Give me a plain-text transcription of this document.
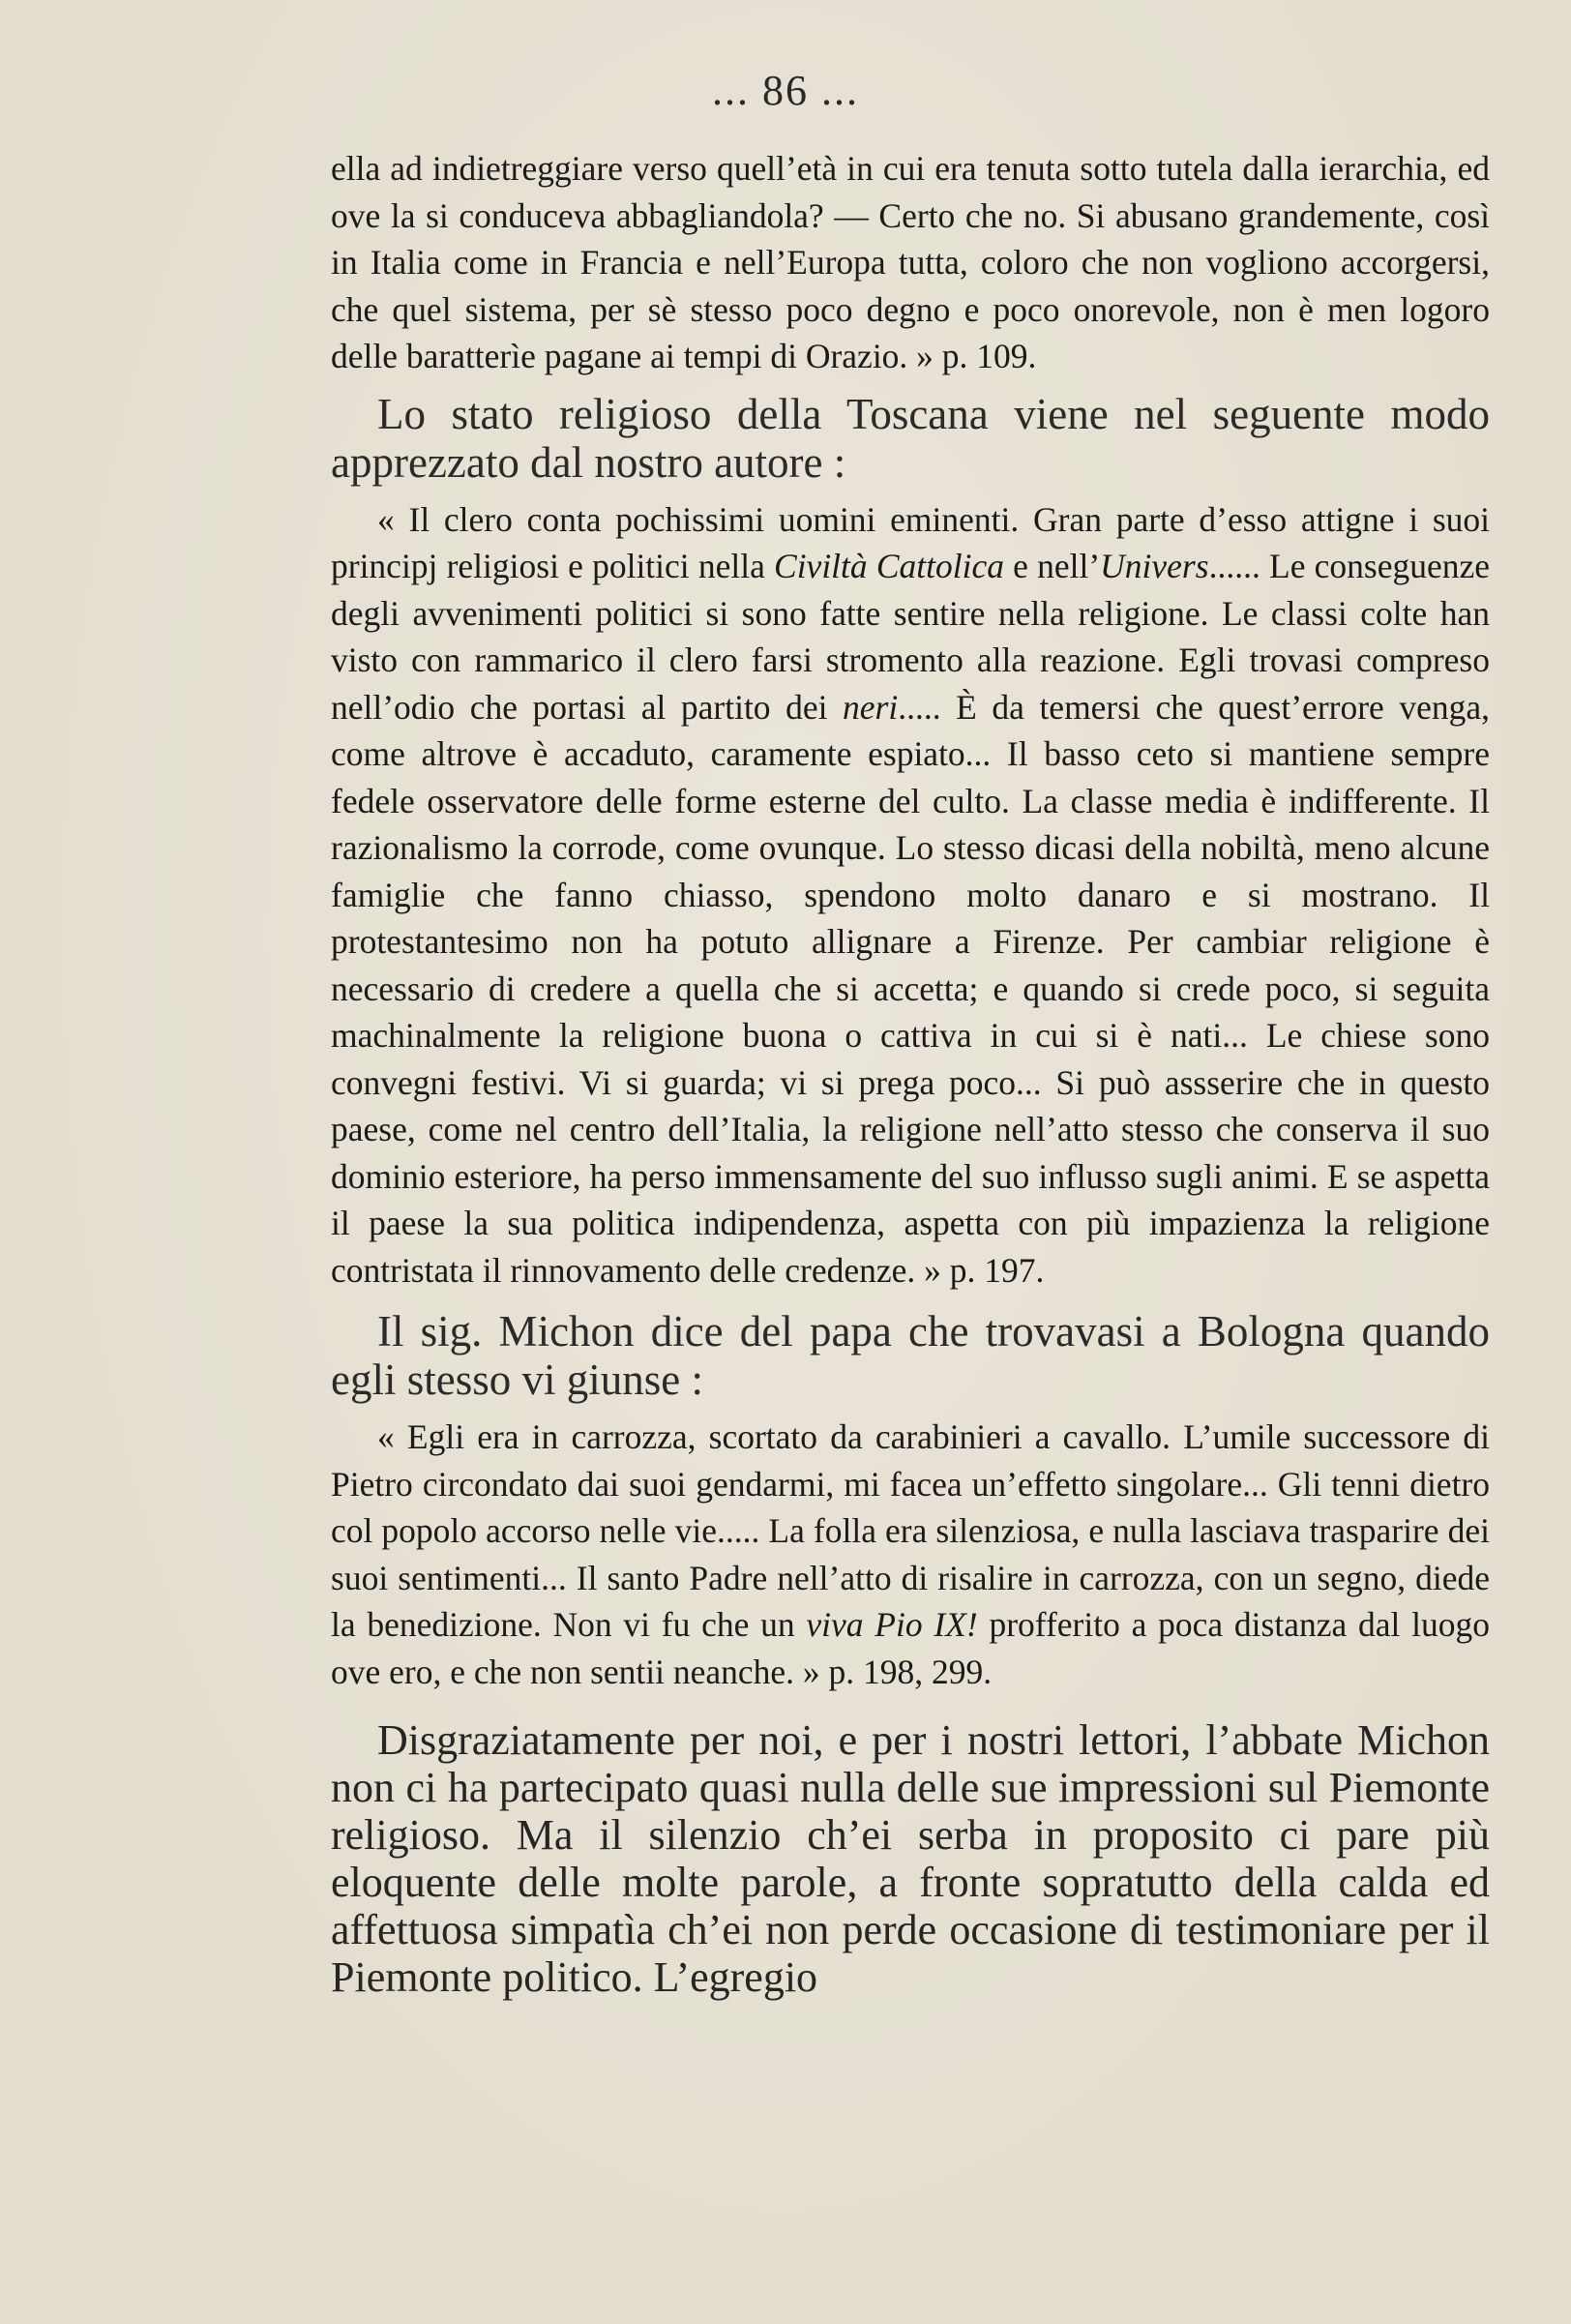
... 86 ...

ella ad indietreggiare verso quell’età in cui era tenuta sotto tutela dalla ierarchia, ed ove la si conduceva abbagliandola? — Certo che no. Si abusano grandemente, così in Italia come in Francia e nell’Europa tutta, coloro che non vogliono accorgersi, che quel sistema, per sè stesso poco degno e poco onorevole, non è men logoro delle baratterìe pagane ai tempi di Orazio. » p. 109.

Lo stato religioso della Toscana viene nel seguente modo apprezzato dal nostro autore :

« Il clero conta pochissimi uomini eminenti. Gran parte d’esso attigne i suoi principj religiosi e politici nella Civiltà Cattolica e nell’Univers...... Le conseguenze degli avvenimenti politici si sono fatte sentire nella religione. Le classi colte han visto con rammarico il clero farsi stromento alla reazione. Egli trovasi compreso nell’odio che portasi al partito dei neri..... È da temersi che quest’errore venga, come altrove è accaduto, caramente espiato... Il basso ceto si mantiene sempre fedele osservatore delle forme esterne del culto. La classe media è indifferente. Il razionalismo la corrode, come ovunque. Lo stesso dicasi della nobiltà, meno alcune famiglie che fanno chiasso, spendono molto danaro e si mostrano. Il protestantesimo non ha potuto allignare a Firenze. Per cambiar religione è necessario di credere a quella che si accetta; e quando si crede poco, si seguita machinalmente la religione buona o cattiva in cui si è nati... Le chiese sono convegni festivi. Vi si guarda; vi si prega poco... Si può assserire che in questo paese, come nel centro dell’Italia, la religione nell’atto stesso che conserva il suo dominio esteriore, ha perso immensamente del suo influsso sugli animi. E se aspetta il paese la sua politica indipendenza, aspetta con più impazienza la religione contristata il rinnovamento delle credenze. » p. 197.

Il sig. Michon dice del papa che trovavasi a Bologna quando egli stesso vi giunse :

« Egli era in carrozza, scortato da carabinieri a cavallo. L’umile successore di Pietro circondato dai suoi gendarmi, mi facea un’effetto singolare... Gli tenni dietro col popolo accorso nelle vie..... La folla era silenziosa, e nulla lasciava trasparire dei suoi sentimenti... Il santo Padre nell’atto di risalire in carrozza, con un segno, diede la benedizione. Non vi fu che un viva Pio IX! profferito a poca distanza dal luogo ove ero, e che non sentii neanche. » p. 198, 299.

Disgraziatamente per noi, e per i nostri lettori, l’abbate Michon non ci ha partecipato quasi nulla delle sue impressioni sul Piemonte religioso. Ma il silenzio ch’ei serba in proposito ci pare più eloquente delle molte parole, a fronte sopratutto della calda ed affettuosa simpatìa ch’ei non perde occasione di testimoniare per il Piemonte politico. L’egregio
